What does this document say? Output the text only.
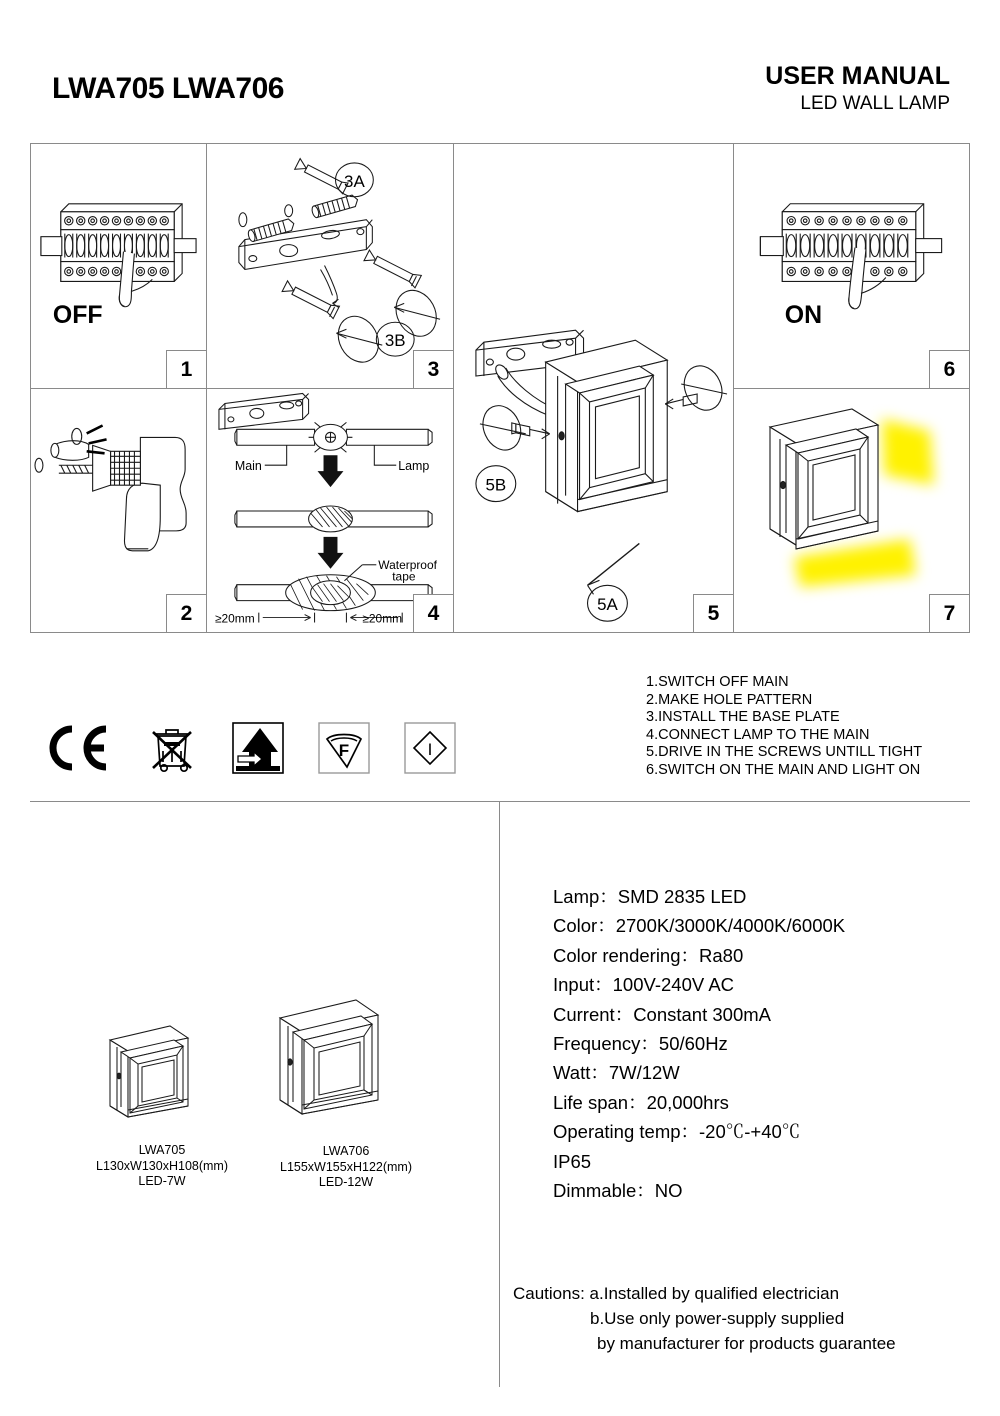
LWA705 LWA706	USER MANUAL
LED WALL LAMP
OFF
1
2
3A
3B
3
Main	Lamp
Waterproof
tape
≥20mm	≥20mm	4
5B
5A	5
ON
6
7
F	I
1.SWITCH OFF MAIN
2.MAKE HOLE PATTERN
3.INSTALL THE BASE PLATE
4.CONNECT LAMP TO THE MAIN
5.DRIVE IN THE SCREWS UNTILL TIGHT
6.SWITCH ON THE MAIN AND LIGHT ON
LWA705
L130xW130xH108(mm)
LED-7W
LWA706
L155xW155xH122(mm)
LED-12W
Lamp：SMD 2835 LED
Color：2700K/3000K/4000K/6000K
Color rendering：Ra80
Input：100V-240V AC
Current：Constant 300mA
Frequency：50/60Hz
Watt：7W/12W
Life span：20,000hrs
Operating temp：-20℃-+40℃
IP65
Dimmable：NO
Cautions: a.Installed by qualified electrician
b.Use only power-supply supplied
by manufacturer for products guarantee
